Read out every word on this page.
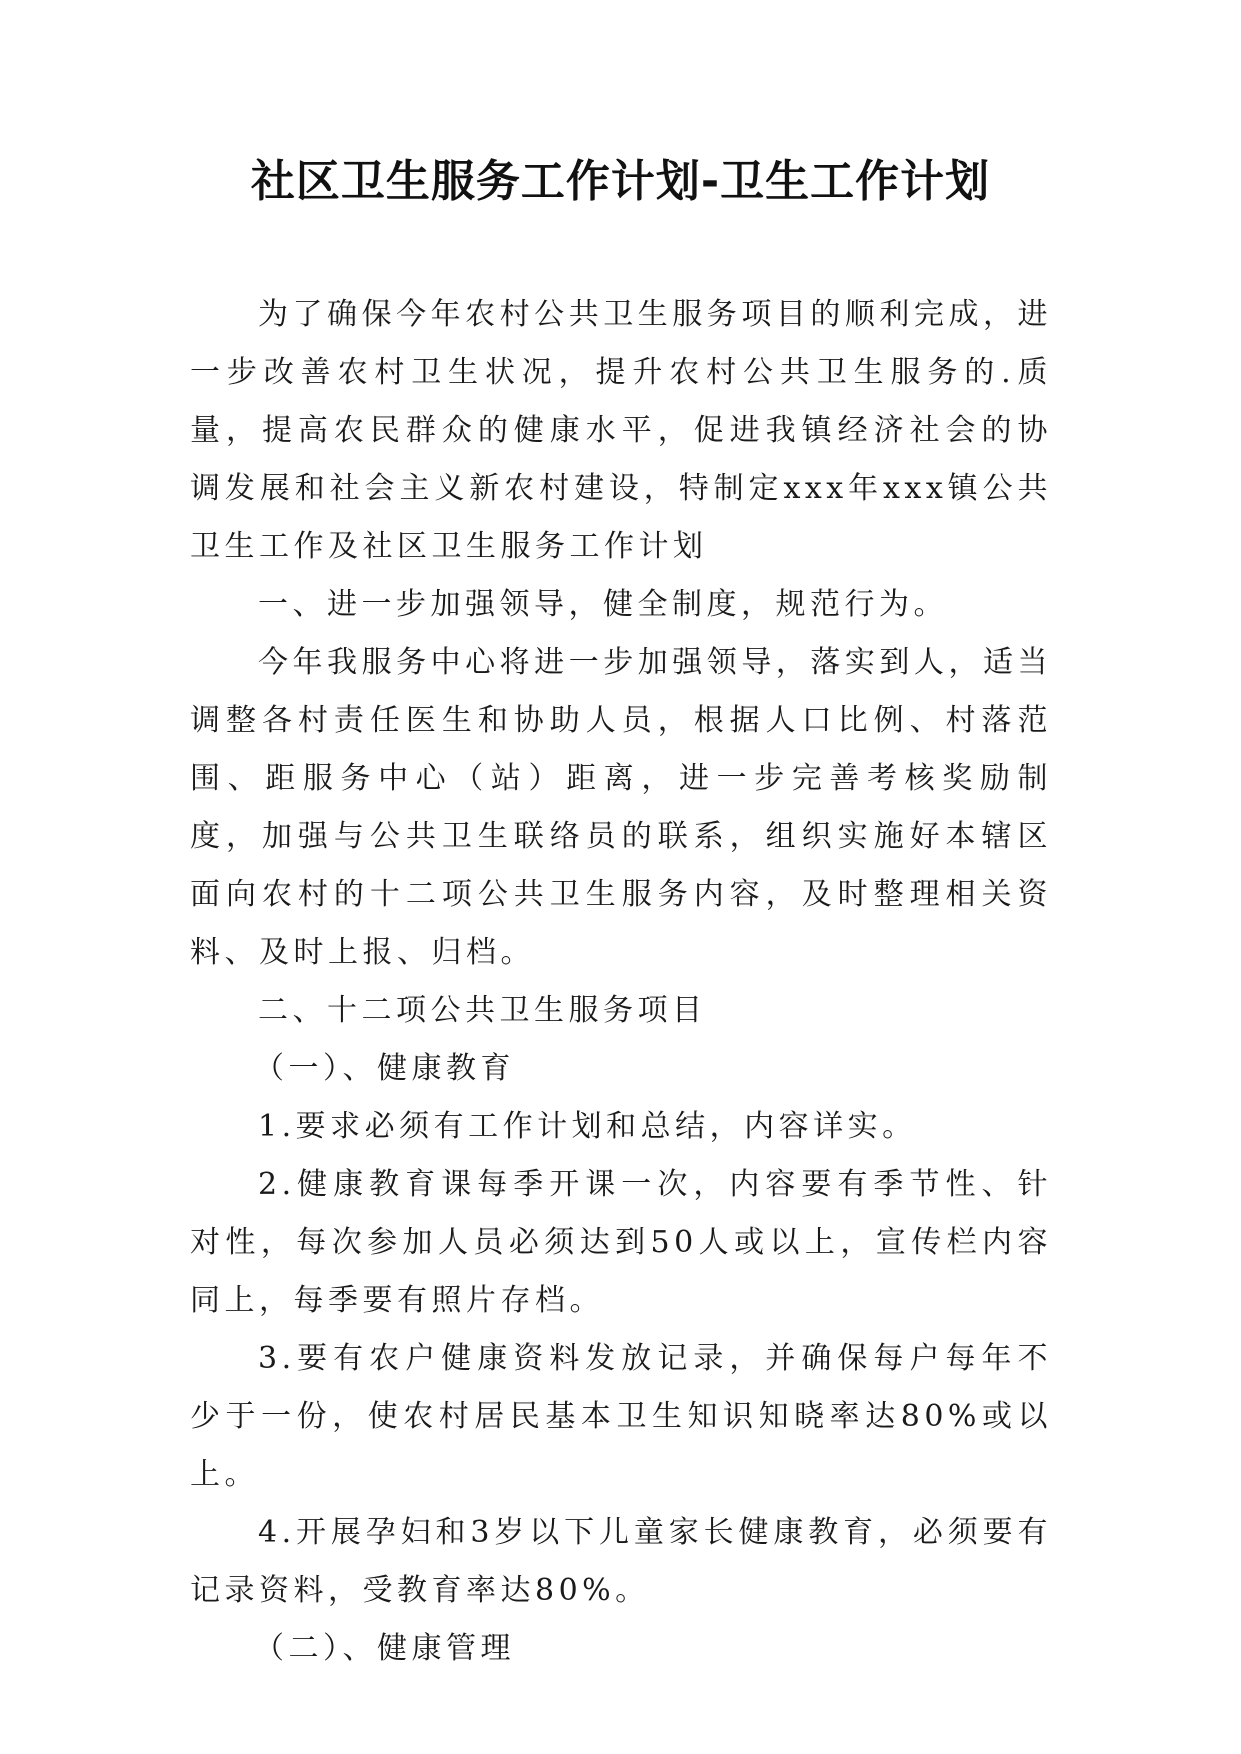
社区卫生服务工作计划-卫生工作计划

为了确保今年农村公共卫生服务项目的顺利完成，进一步改善农村卫生状况，提升农村公共卫生服务的.质量，提高农民群众的健康水平，促进我镇经济社会的协调发展和社会主义新农村建设，特制定xxx年xxx镇公共卫生工作及社区卫生服务工作计划

一、进一步加强领导，健全制度，规范行为。

今年我服务中心将进一步加强领导，落实到人，适当调整各村责任医生和协助人员，根据人口比例、村落范围、距服务中心（站）距离，进一步完善考核奖励制度，加强与公共卫生联络员的联系，组织实施好本辖区面向农村的十二项公共卫生服务内容，及时整理相关资料、及时上报、归档。

二、十二项公共卫生服务项目

（一）、健康教育

1.要求必须有工作计划和总结，内容详实。

2.健康教育课每季开课一次，内容要有季节性、针对性，每次参加人员必须达到50人或以上，宣传栏内容同上，每季要有照片存档。

3.要有农户健康资料发放记录，并确保每户每年不少于一份，使农村居民基本卫生知识知晓率达80%或以上。

4.开展孕妇和3岁以下儿童家长健康教育，必须要有记录资料，受教育率达80%。

（二）、健康管理
